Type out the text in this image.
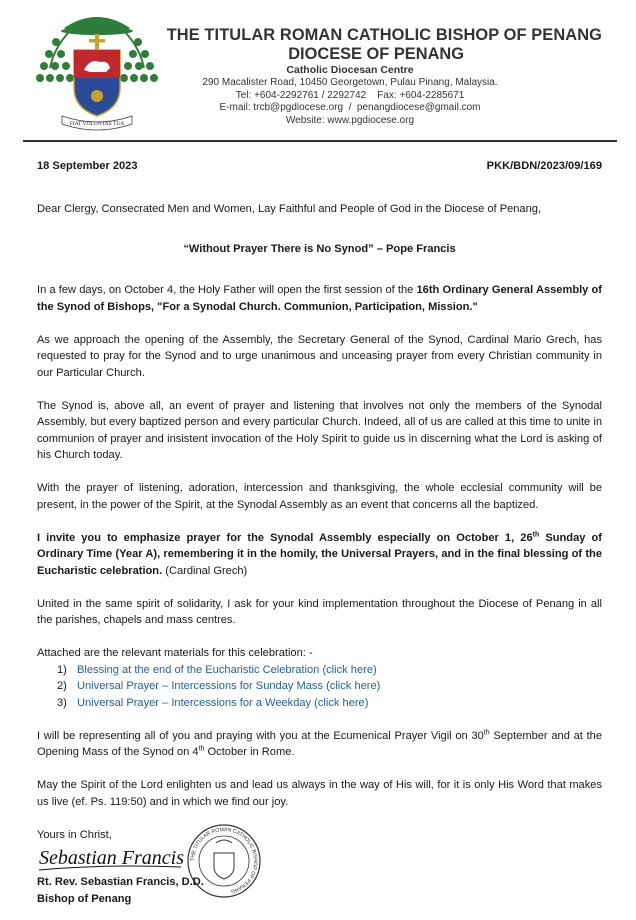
FIAT VOLUNTAS TUA
THE TITULAR ROMAN CATHOLIC BISHOP OF PENANG
DIOCESE OF PENANG
Catholic Diocesan Centre
290 Macalister Road, 10450 Georgetown, Pulau Pinang, Malaysia.
Tel: +604-2292761 / 2292742    Fax: +604-2285671
E-mail: trcb@pgdiocese.org  /  penangdiocese@gmail.com
Website: www.pgdiocese.org
18 September 2023	PKK/BDN/2023/09/169

Dear Clergy, Consecrated Men and Women, Lay Faithful and People of God in the Diocese of Penang,

“Without Prayer There is No Synod” – Pope Francis

In a few days, on October 4, the Holy Father will open the first session of the 16th Ordinary General Assembly of the Synod of Bishops, "For a Synodal Church. Communion, Participation, Mission."

As we approach the opening of the Assembly, the Secretary General of the Synod, Cardinal Mario Grech, has requested to pray for the Synod and to urge unanimous and unceasing prayer from every Christian community in our Particular Church.

The Synod is, above all, an event of prayer and listening that involves not only the members of the Synodal Assembly, but every baptized person and every particular Church. Indeed, all of us are called at this time to unite in communion of prayer and insistent invocation of the Holy Spirit to guide us in discerning what the Lord is asking of his Church today.

With the prayer of listening, adoration, intercession and thanksgiving, the whole ecclesial community will be present, in the power of the Spirit, at the Synodal Assembly as an event that concerns all the baptized.

I invite you to emphasize prayer for the Synodal Assembly especially on October 1, 26th Sunday of Ordinary Time (Year A), remembering it in the homily, the Universal Prayers, and in the final blessing of the Eucharistic celebration. (Cardinal Grech)

United in the same spirit of solidarity, I ask for your kind implementation throughout the Diocese of Penang in all the parishes, chapels and mass centres.

Attached are the relevant materials for this celebration: -

1) Blessing at the end of the Eucharistic Celebration (click here)
2) Universal Prayer – Intercessions for Sunday Mass (click here)
3) Universal Prayer – Intercessions for a Weekday (click here)

I will be representing all of you and praying with you at the Ecumenical Prayer Vigil on 30th September and at the Opening Mass of the Synod on 4th October in Rome.

May the Spirit of the Lord enlighten us and lead us always in the way of His will, for it is only His Word that makes us live (ef. Ps. 119:50) and in which we find our joy.

Yours in Christ,
Sebastian Francis THE TITULAR ROMAN CATHOLIC BISHOP OF PENANG
Rt. Rev. Sebastian Francis, D.D.
Bishop of Penang
